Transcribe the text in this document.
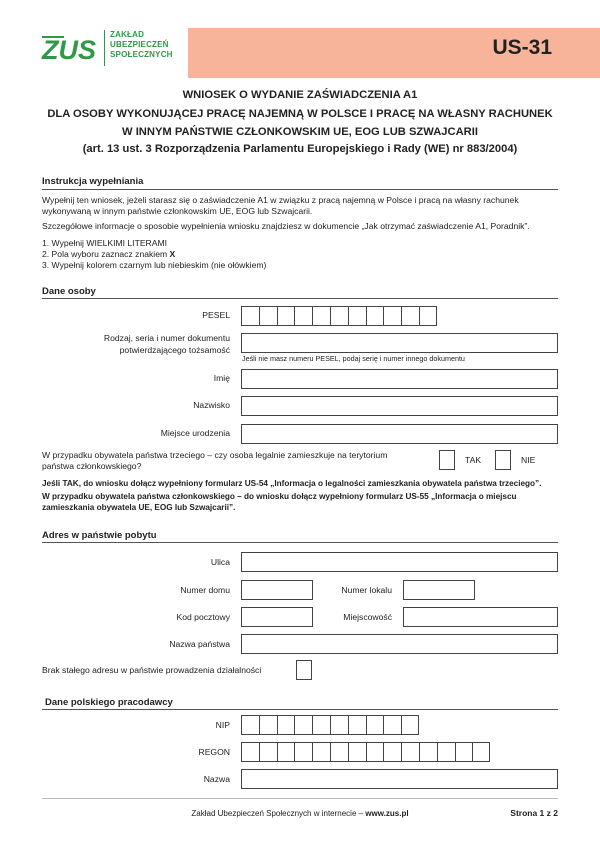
ZUS
ZAKŁAD
UBEZPIECZEŃ
SPOŁECZNYCH	US-31
WNIOSEK O WYDANIE ZAŚWIADCZENIA A1
DLA OSOBY WYKONUJĄCEJ PRACĘ NAJEMNĄ W POLSCE I PRACĘ NA WŁASNY RACHUNEK
W INNYM PAŃSTWIE CZŁONKOWSKIM UE, EOG LUB SZWAJCARII
(art. 13 ust. 3 Rozporządzenia Parlamentu Europejskiego i Rady (WE) nr 883/2004)
Instrukcja wypełniania
Wypełnij ten wniosek, jeżeli starasz się o zaświadczenie A1 w związku z pracą najemną w Polsce i pracą na własny rachunek wykonywaną w innym państwie członkowskim UE, EOG lub Szwajcarii.
Szczegółowe informacje o sposobie wypełnienia wniosku znajdziesz w dokumencie „Jak otrzymać zaświadczenie A1, Poradnik”.
1. Wypełnij WIELKIMI LITERAMI
2. Pola wyboru zaznacz znakiem X
3. Wypełnij kolorem czarnym lub niebieskim (nie ołówkiem)
Dane osoby
PESEL
Rodzaj, seria i numer dokumentu
potwierdzającego tożsamość
Jeśli nie masz numeru PESEL, podaj serię i numer innego dokumentu
Imię
Nazwisko
Miejsce urodzenia
W przypadku obywatela państwa trzeciego – czy osoba legalnie zamieszkuje na terytorium
państwa członkowskiego?
TAK	NIE
Jeśli TAK, do wniosku dołącz wypełniony formularz US-54 „Informacja o legalności zamieszkania obywatela państwa trzeciego”.
W przypadku obywatela państwa członkowskiego – do wniosku dołącz wypełniony formularz US-55 „Informacja o miejscu zamieszkania obywatela UE, EOG lub Szwajcarii”.
Adres w państwie pobytu
Ulica
Numer domu	Numer lokalu
Kod pocztowy	Miejscowość
Nazwa państwa
Brak stałego adresu w państwie prowadzenia działalności
Dane polskiego pracodawcy
NIP
REGON
Nazwa
Zakład Ubezpieczeń Społecznych w internecie – www.zus.pl	Strona 1 z 2
